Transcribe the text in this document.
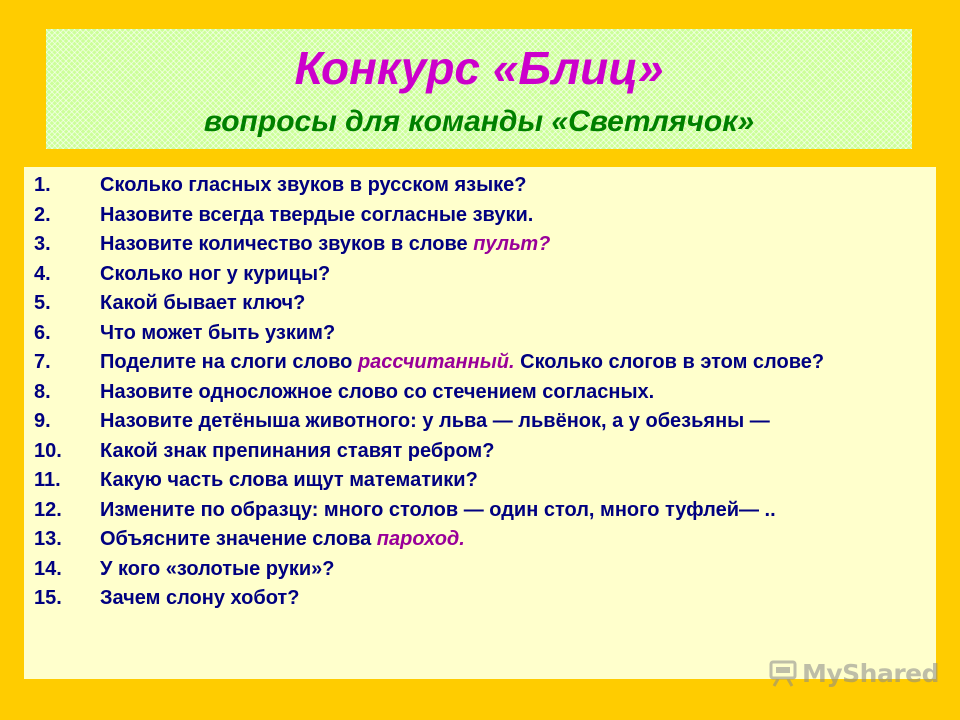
Конкурс «Блиц»
вопросы для команды «Светлячок»
1. Сколько гласных звуков в русском языке?
2. Назовите всегда твердые согласные звуки.
3. Назовите количество звуков в слове пульт?
4. Сколько ног у курицы?
5. Какой бывает ключ?
6. Что может быть узким?
7. Поделите на слоги слово рассчитанный. Сколько слогов в этом слове?
8. Назовите односложное слово со стечением согласных.
9. Назовите детёныша животного: у льва — львёнок, а у обезьяны —
10. Какой знак препинания ставят ребром?
11. Какую часть слова ищут математики?
12. Измените по образцу: много столов — один стол, много туфлей— ..
13. Объясните значение слова пароход.
14. У кого «золотые руки»?
15. Зачем слону хобот?
MyShared
